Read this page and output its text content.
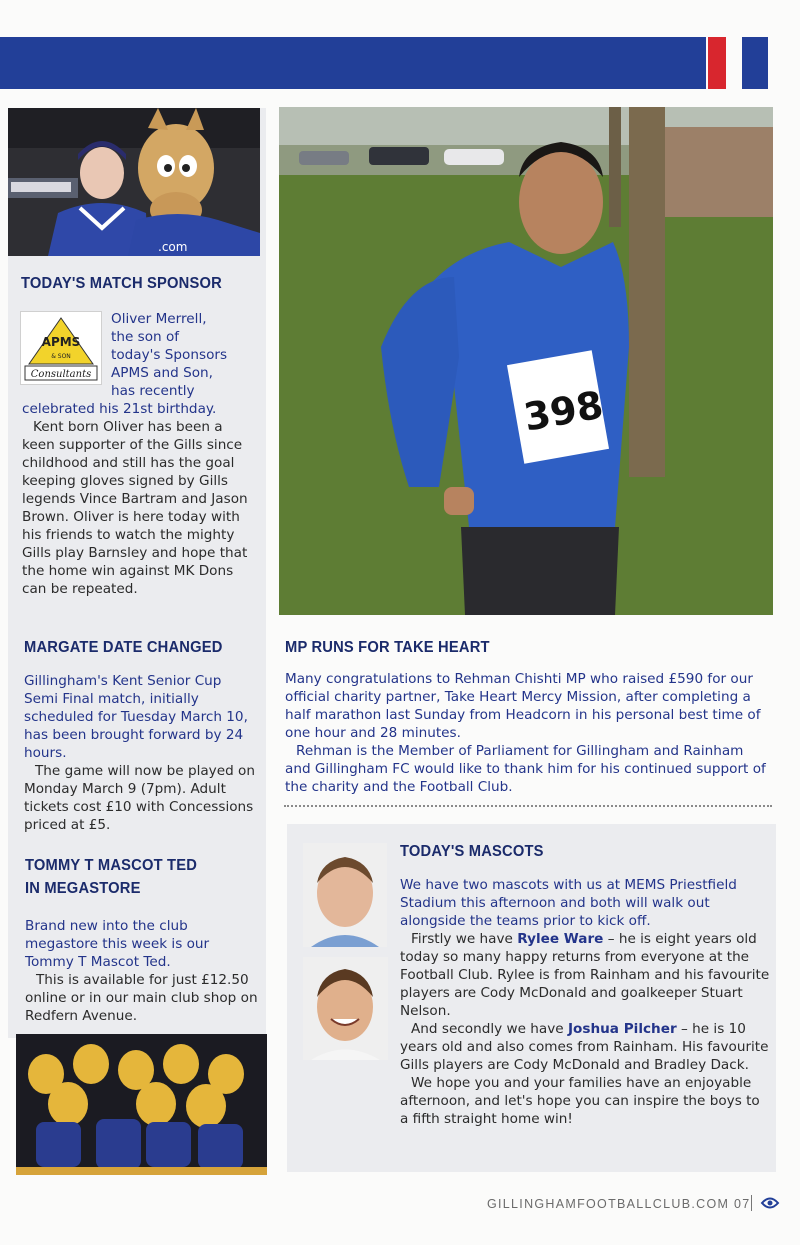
.com
TODAY'S MATCH SPONSOR
APMS
& SON
Consultants

Oliver Merrell,

the son of

today's Sponsors

APMS and Son,

has recently

celebrated his 21st birthday.

Kent born Oliver has been a keen supporter of the Gills since childhood and still has the goal keeping gloves signed by Gills legends Vince Bartram and Jason Brown. Oliver is here today with his friends to watch the mighty Gills play Barnsley and hope that the home win against MK Dons can be repeated.

MARGATE DATE CHANGED

Gillingham's Kent Senior Cup Semi Final match, initially scheduled for Tuesday March 10, has been brought forward by 24 hours.

The game will now be played on Monday March 9 (7pm). Adult tickets cost £10 with Concessions priced at £5.

TOMMY T MASCOT TED
IN MEGASTORE

Brand new into the club megastore this week is our Tommy T Mascot Ted.

This is available for just £12.50 online or in our main club shop on Redfern Avenue.

398
MP RUNS FOR TAKE HEART

Many congratulations to Rehman Chishti MP who raised £590 for our official charity partner, Take Heart Mercy Mission, after completing a half marathon last Sunday from Headcorn in his personal best time of one hour and 28 minutes.

Rehman is the Member of Parliament for Gillingham and Rainham and Gillingham FC would like to thank him for his continued support of the charity and the Football Club.

TODAY'S MASCOTS

We have two mascots with us at MEMS Priestfield Stadium this afternoon and both will walk out alongside the teams prior to kick off.

Firstly we have Rylee Ware – he is eight years old today so many happy returns from everyone at the Football Club. Rylee is from Rainham and his favourite players are Cody McDonald and goalkeeper Stuart Nelson.

And secondly we have Joshua Pilcher – he is 10 years old and also comes from Rainham. His favourite Gills players are Cody McDonald and Bradley Dack.

We hope you and your families have an enjoyable afternoon, and let's hope you can inspire the boys to a fifth straight home win!

GILLINGHAMFOOTBALLCLUB.COM 07
